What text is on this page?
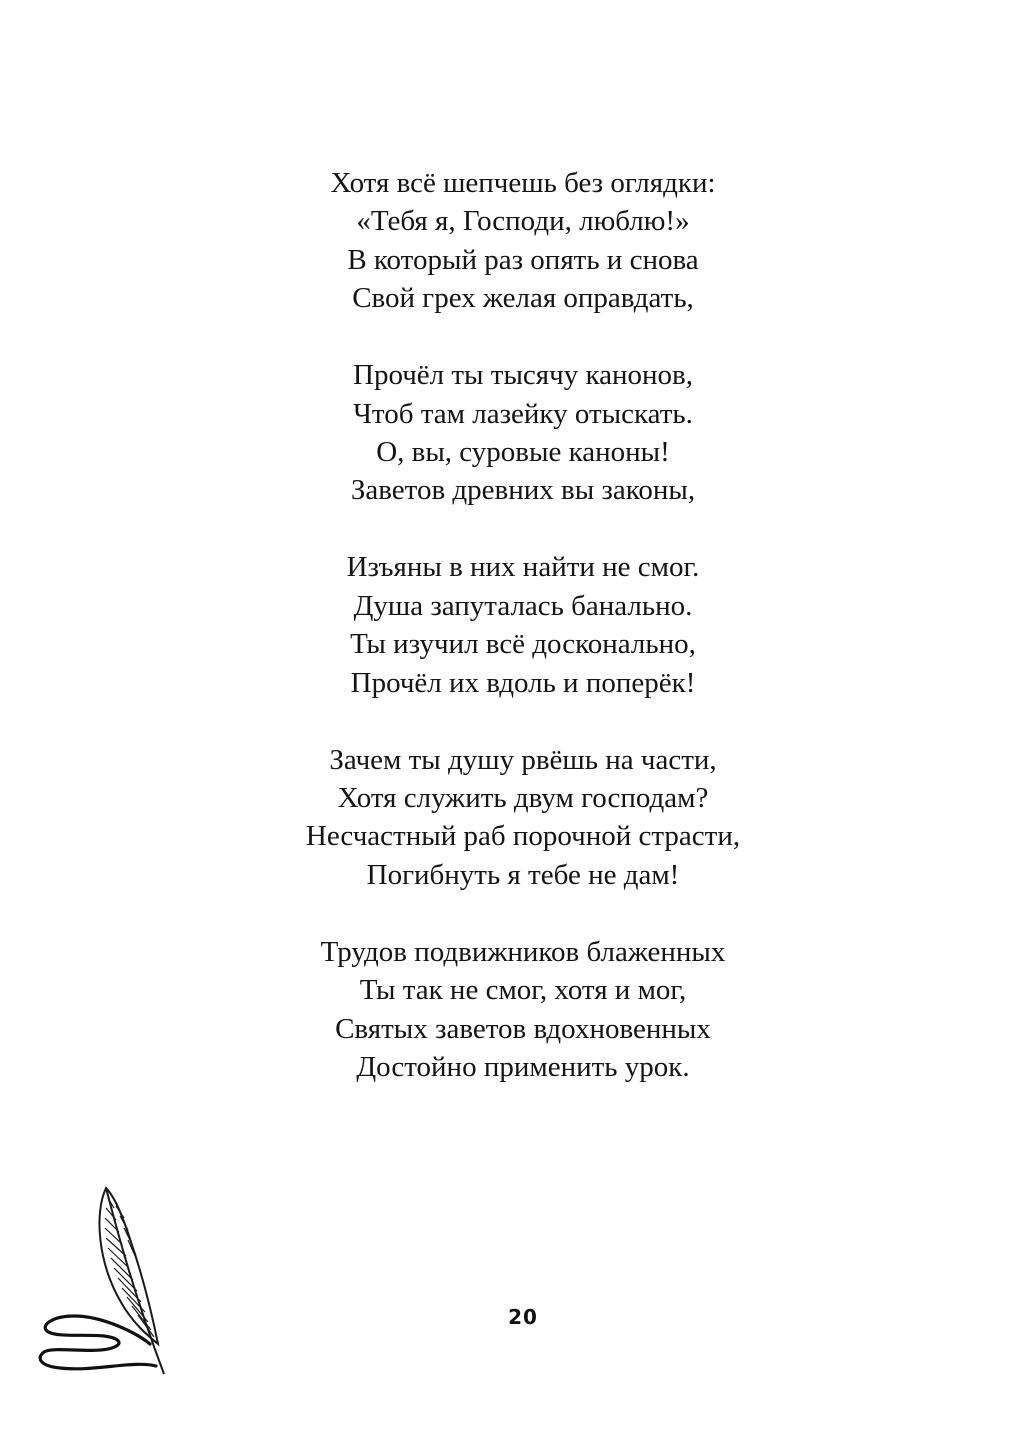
Хотя всё шепчешь без оглядки:
«Тебя я, Господи, люблю!»
В который раз опять и снова
Свой грех желая оправдать,
Прочёл ты тысячу канонов,
Чтоб там лазейку отыскать.
О, вы, суровые каноны!
Заветов древних вы законы,
Изъяны в них найти не смог.
Душа запуталась банально.
Ты изучил всё досконально,
Прочёл их вдоль и поперёк!
Зачем ты душу рвёшь на части,
Хотя служить двум господам?
Несчастный раб порочной страсти,
Погибнуть я тебе не дам!
Трудов подвижников блаженных
Ты так не смог, хотя и мог,
Святых заветов вдохновенных
Достойно применить урок.
20
